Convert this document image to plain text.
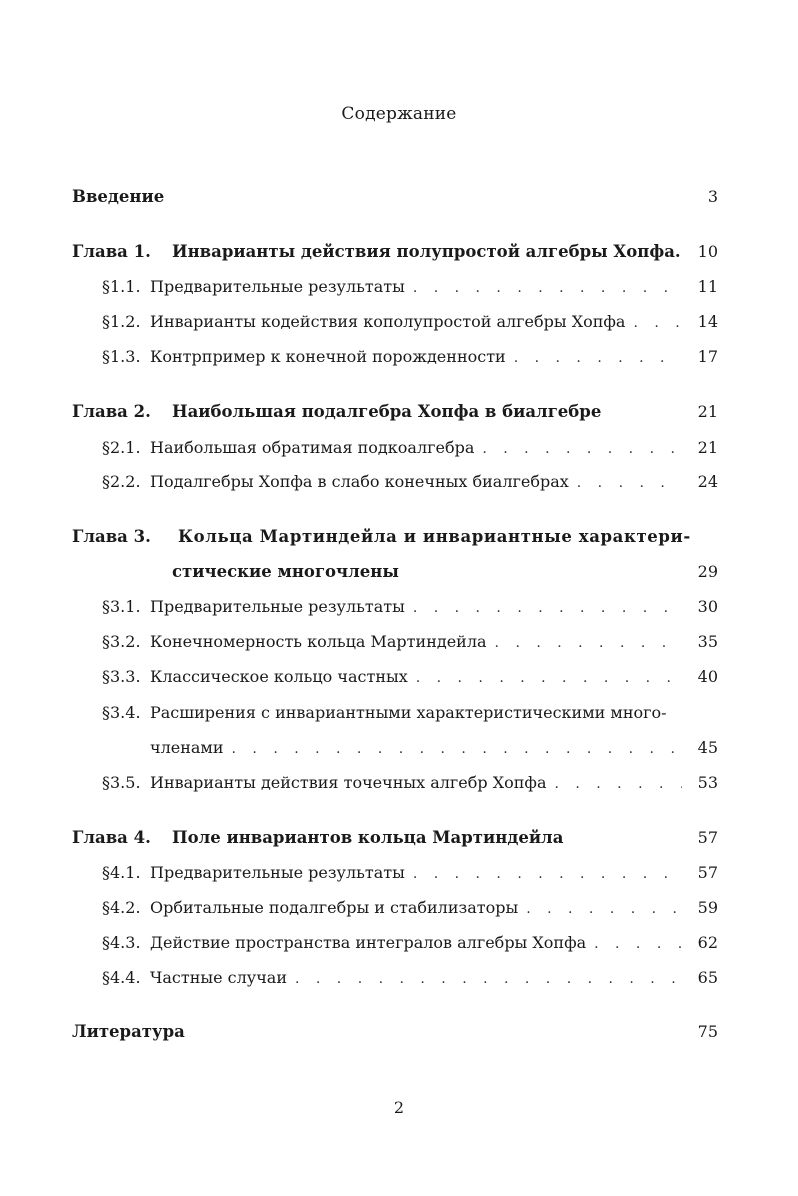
Содержание
Введение	3
Глава 1.	Инварианты действия полупростой алгебры Хопфа.	10
§1.1. Предварительные результаты . . .	11
§1.2. Инварианты кодействия кополупростой алгебры Хопфа . . .	14
§1.3. Контрпример к конечной порожденности . . .	17
Глава 2.	Наибольшая подалгебра Хопфа в биалгебре	21
§2.1. Наибольшая обратимая подкоалгебра . . .	21
§2.2. Подалгебры Хопфа в слабо конечных биалгебрах . . .	24
Глава 3.	Кольца Мартиндейла и инвариантные характери-
стические многочлены	29
§3.1. Предварительные результаты . . .	30
§3.2. Конечномерность кольца Мартиндейла . . .	35
§3.3. Классическое кольцо частных . . .	40
§3.4. Расширения с инвариантными характеристическими много-
членами . . .	45
§3.5. Инварианты действия точечных алгебр Хопфа . . .	53
Глава 4.	Поле инвариантов кольца Мартиндейла	57
§4.1. Предварительные результаты . . .	57
§4.2. Орбитальные подалгебры и стабилизаторы . . .	59
§4.3. Действие пространства интегралов алгебры Хопфа . . .	62
§4.4. Частные случаи . . .	65
Литература	75
2
